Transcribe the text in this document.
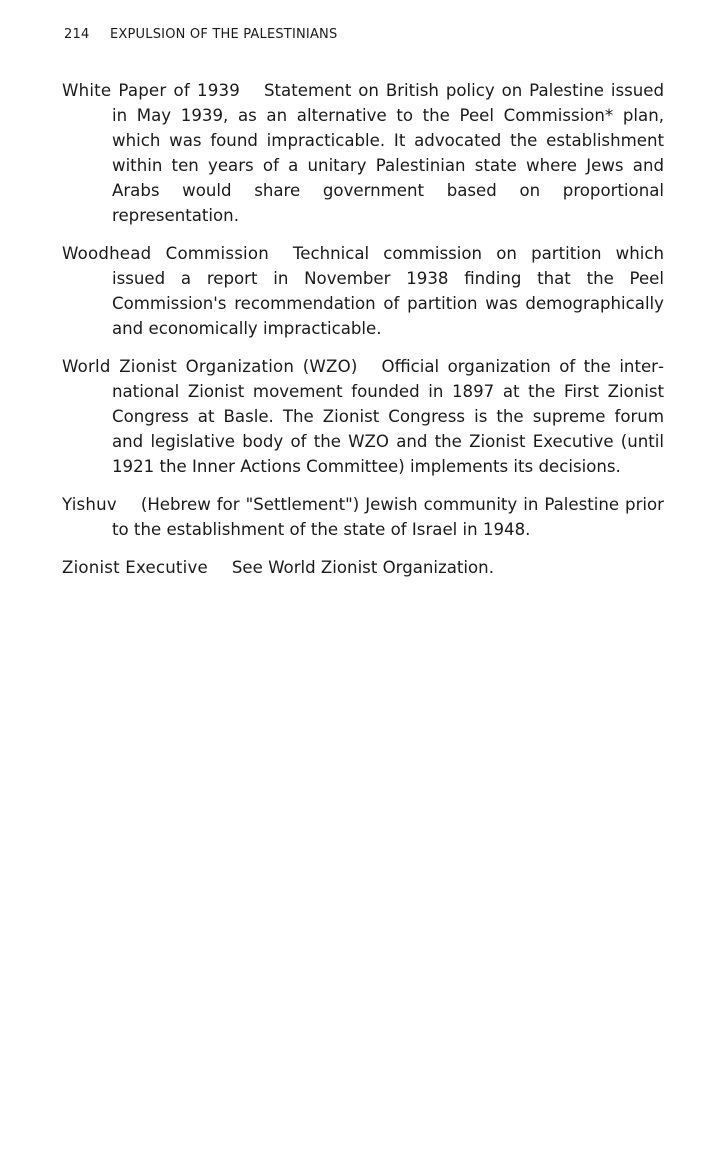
214 EXPULSION OF THE PALESTINIANS

White Paper of 1939 Statement on British policy on Palestine issued in May 1939, as an alternative to the Peel Commission* plan, which was found impracticable. It advocated the establishment within ten years of a unitary Palestinian state where Jews and Arabs would share government based on proportional representation.

Woodhead Commission Technical commission on partition which issued a report in November 1938 finding that the Peel Commission's recommendation of partition was demographically and economically impracticable.

World Zionist Organization (WZO) Official organization of the international Zionist movement founded in 1897 at the First Zionist Congress at Basle. The Zionist Congress is the supreme forum and legislative body of the WZO and the Zionist Executive (until 1921 the Inner Actions Committee) implements its decisions.

Yishuv (Hebrew for "Settlement") Jewish community in Palestine prior to the establishment of the state of Israel in 1948.

Zionist Executive See World Zionist Organization.
